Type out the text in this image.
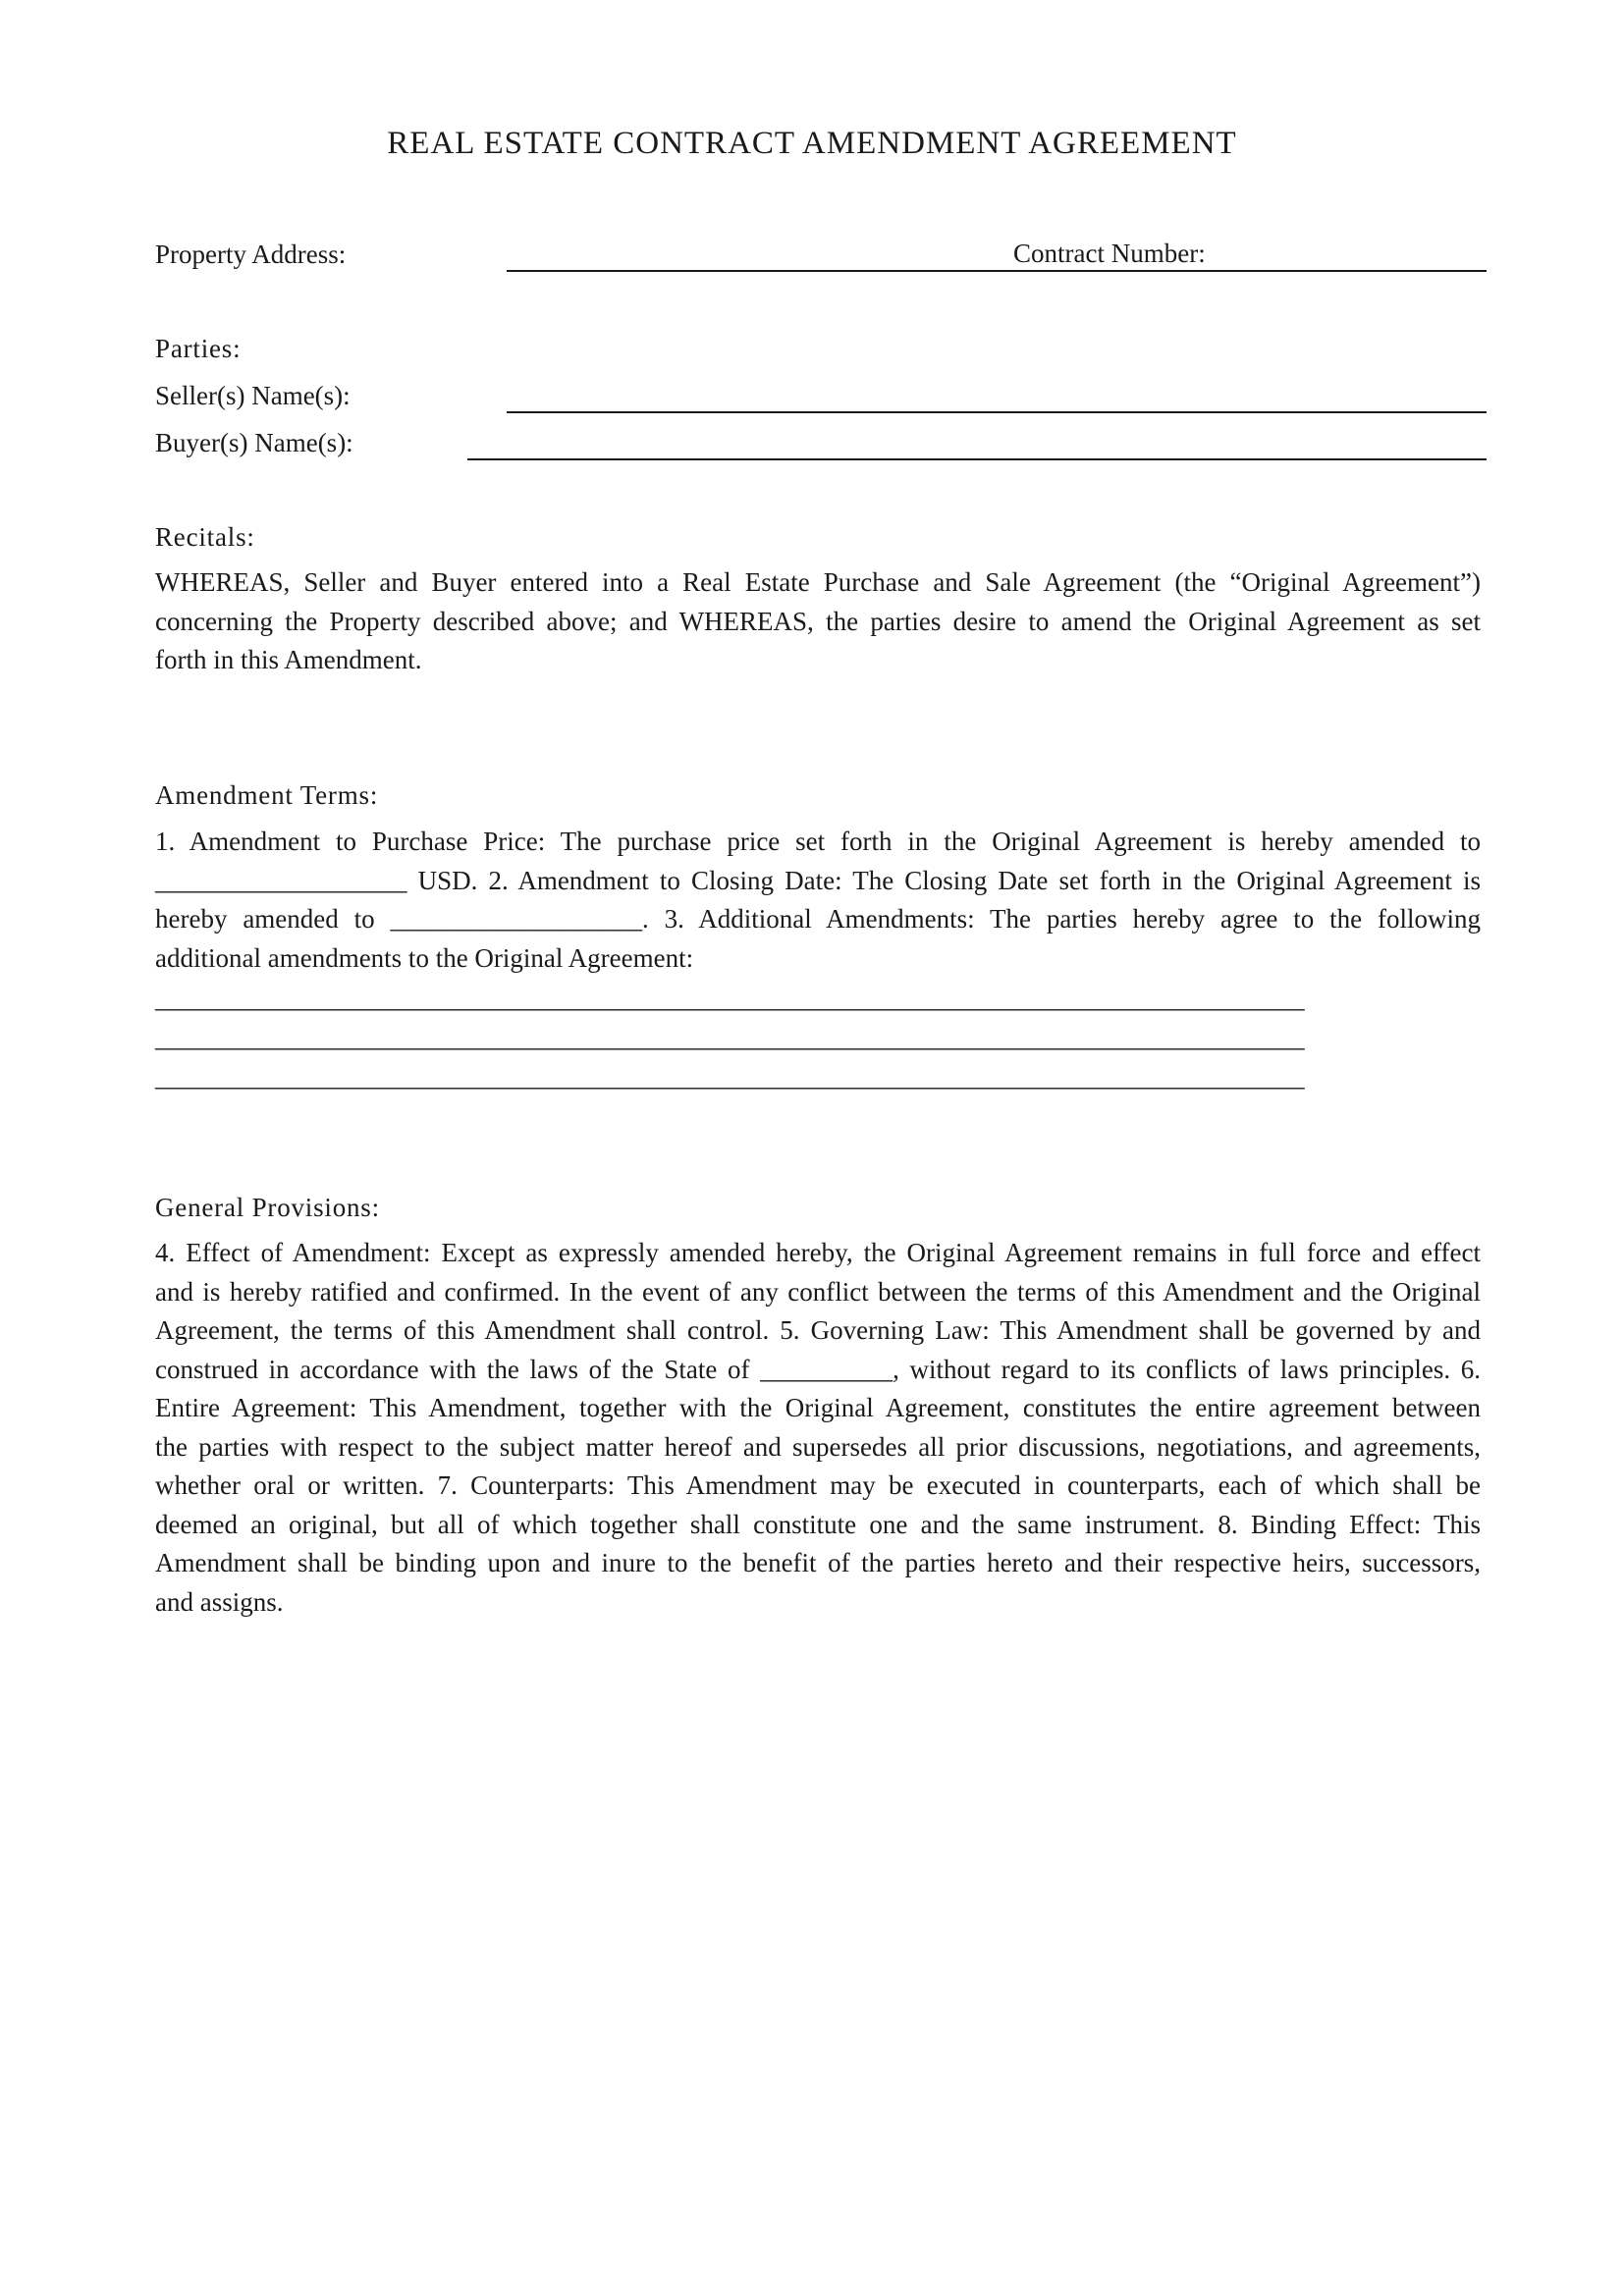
REAL ESTATE CONTRACT AMENDMENT AGREEMENT
Property Address:	Contract Number:
Parties:
Seller(s) Name(s):
Buyer(s) Name(s):
Recitals:
WHEREAS, Seller and Buyer entered into a Real Estate Purchase and Sale Agreement (the “Original Agreement”)
concerning the Property described above; and WHEREAS, the parties desire to amend the Original Agreement as set
forth in this Amendment.
Amendment Terms:
1. Amendment to Purchase Price: The purchase price set forth in the Original Agreement is hereby amended to
___________________ USD. 2. Amendment to Closing Date: The Closing Date set forth in the Original Agreement is
hereby amended to ___________________. 3. Additional Amendments: The parties hereby agree to the following
additional amendments to the Original Agreement:
________________________________________________________________________________________
________________________________________________________________________________________
________________________________________________________________________________________
General Provisions:
4. Effect of Amendment: Except as expressly amended hereby, the Original Agreement remains in full force and effect
and is hereby ratified and confirmed. In the event of any conflict between the terms of this Amendment and the Original
Agreement, the terms of this Amendment shall control. 5. Governing Law: This Amendment shall be governed by and
construed in accordance with the laws of the State of __________, without regard to its conflicts of laws principles. 6.
Entire Agreement: This Amendment, together with the Original Agreement, constitutes the entire agreement between
the parties with respect to the subject matter hereof and supersedes all prior discussions, negotiations, and agreements,
whether oral or written. 7. Counterparts: This Amendment may be executed in counterparts, each of which shall be
deemed an original, but all of which together shall constitute one and the same instrument. 8. Binding Effect: This
Amendment shall be binding upon and inure to the benefit of the parties hereto and their respective heirs, successors,
and assigns.
